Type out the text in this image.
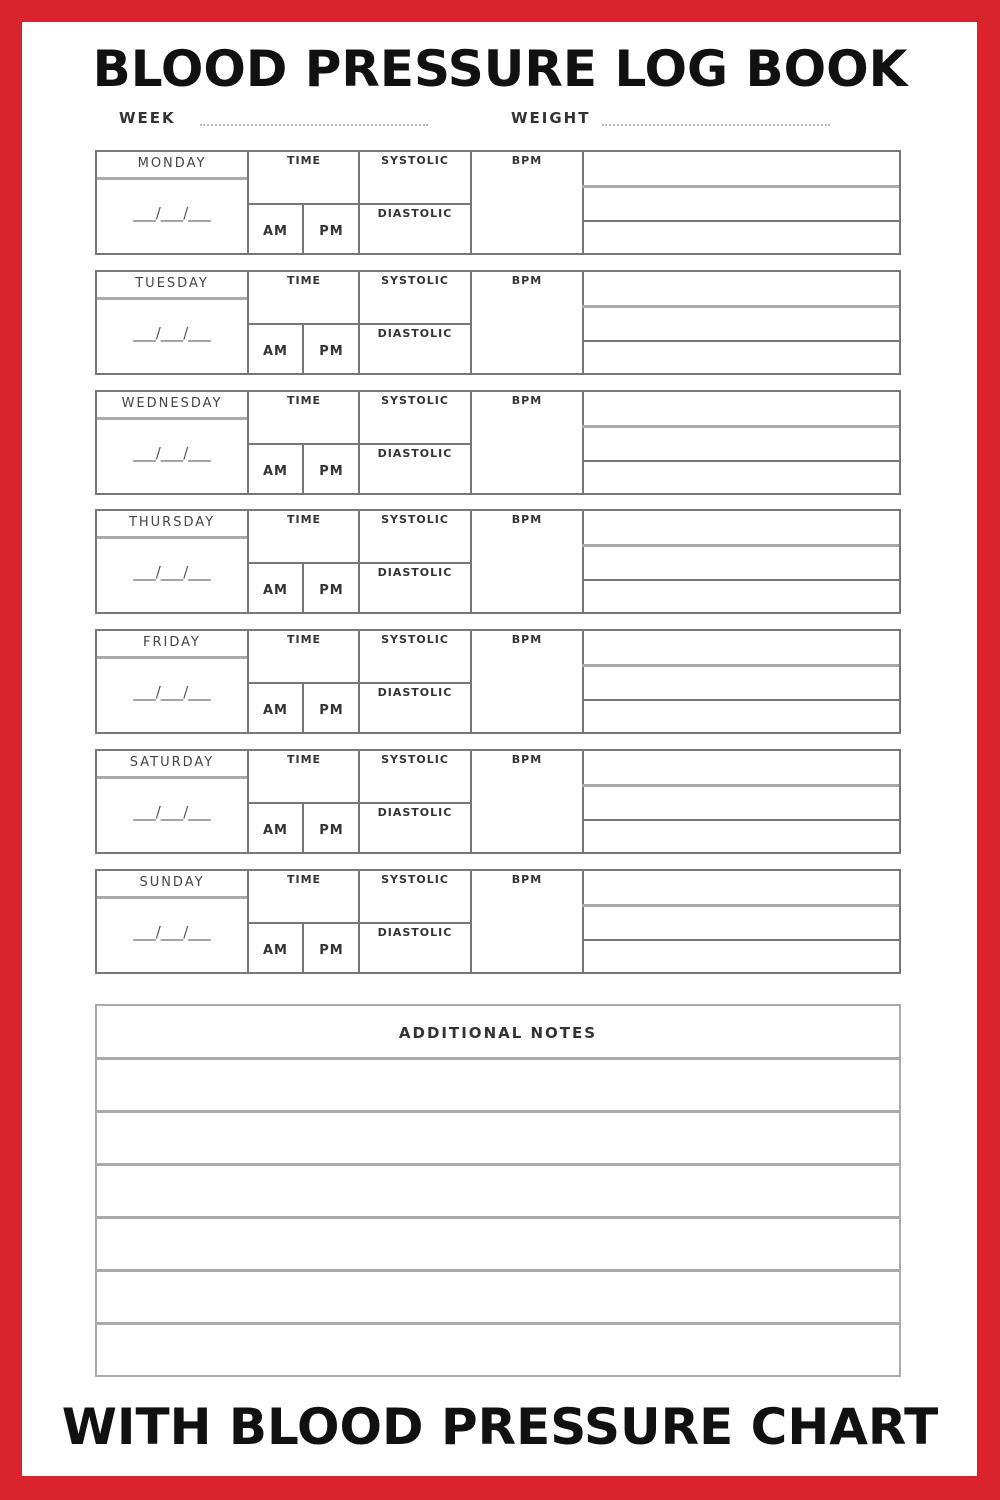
BLOOD PRESSURE LOG BOOK
WEEK	WEIGHT
MONDAY
___/___/___
TIME
AM	PM
SYSTOLIC
DIASTOLIC
BPM
TUESDAY
___/___/___
TIME
AM	PM
SYSTOLIC
DIASTOLIC
BPM
WEDNESDAY
___/___/___
TIME
AM	PM
SYSTOLIC
DIASTOLIC
BPM
THURSDAY
___/___/___
TIME
AM	PM
SYSTOLIC
DIASTOLIC
BPM
FRIDAY
___/___/___
TIME
AM	PM
SYSTOLIC
DIASTOLIC
BPM
SATURDAY
___/___/___
TIME
AM	PM
SYSTOLIC
DIASTOLIC
BPM
SUNDAY
___/___/___
TIME
AM	PM
SYSTOLIC
DIASTOLIC
BPM
ADDITIONAL NOTES
WITH BLOOD PRESSURE CHART
